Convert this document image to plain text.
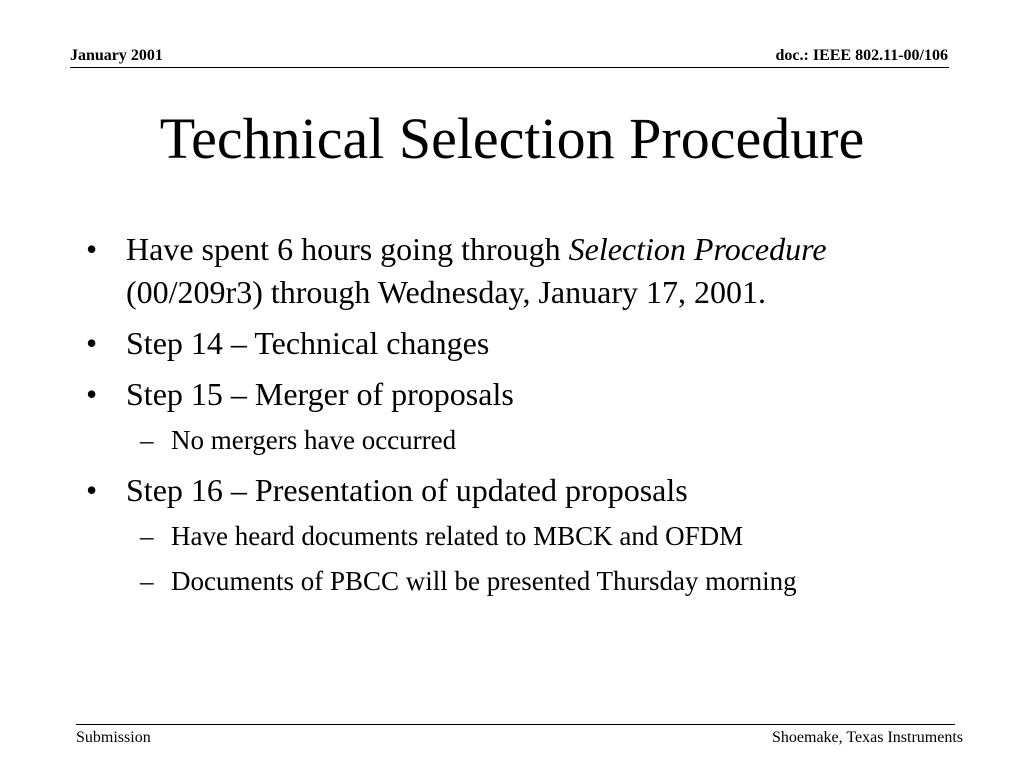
January 2001	doc.: IEEE 802.11-00/106
Technical Selection Procedure
• Have spent 6 hours going through Selection Procedure (00/209r3) through Wednesday, January 17, 2001.
• Step 14 – Technical changes
• Step 15 – Merger of proposals
– No mergers have occurred
• Step 16 – Presentation of updated proposals
– Have heard documents related to MBCK and OFDM
– Documents of PBCC will be presented Thursday morning
Submission	Shoemake, Texas Instruments
